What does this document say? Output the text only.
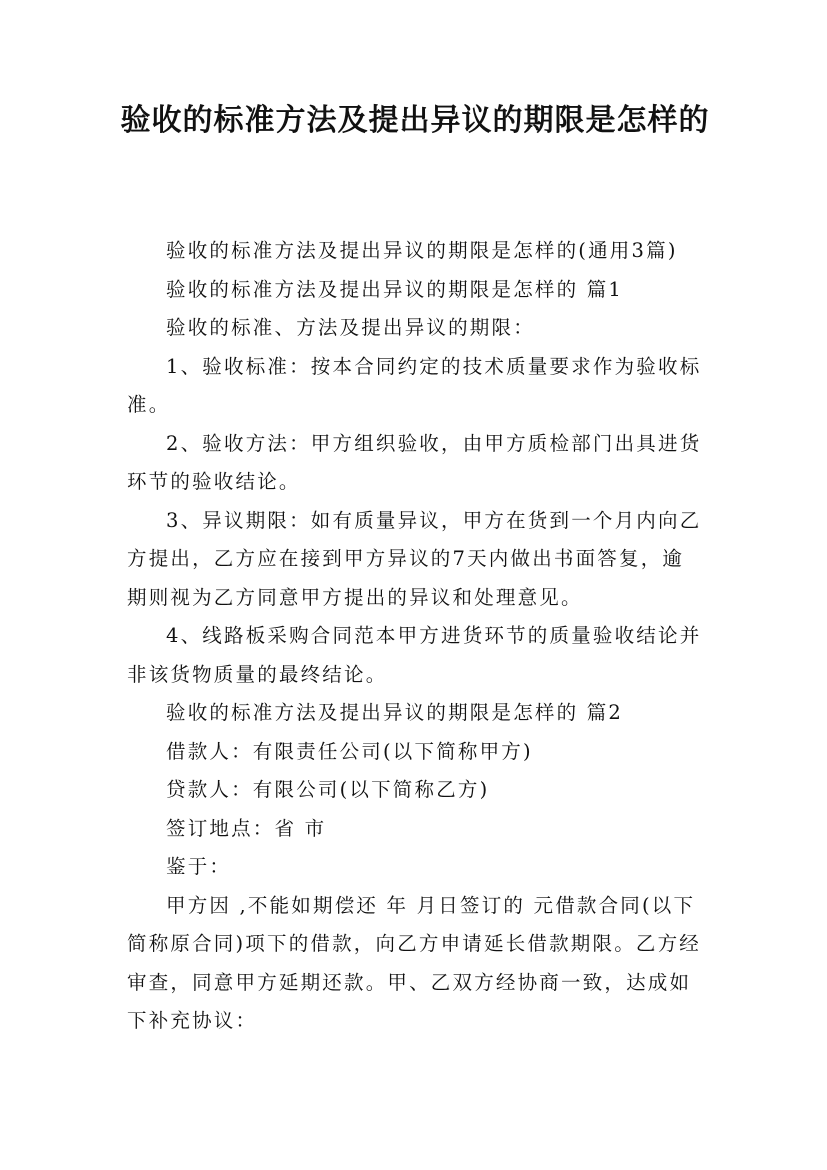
验收的标准方法及提出异议的期限是怎样的

验收的标准方法及提出异议的期限是怎样的(通用3篇)

验收的标准方法及提出异议的期限是怎样的 篇1

验收的标准、方法及提出异议的期限：

1、验收标准：按本合同约定的技术质量要求作为验收标准。

2、验收方法：甲方组织验收，由甲方质检部门出具进货环节的验收结论。

3、异议期限：如有质量异议，甲方在货到一个月内向乙方提出，乙方应在接到甲方异议的7天内做出书面答复，逾期则视为乙方同意甲方提出的异议和处理意见。

4、线路板采购合同范本甲方进货环节的质量验收结论并非该货物质量的最终结论。

验收的标准方法及提出异议的期限是怎样的 篇2

借款人：有限责任公司(以下简称甲方)

贷款人：有限公司(以下简称乙方)

签订地点：省 市

鉴于：

甲方因 ,不能如期偿还 年 月日签订的 元借款合同(以下简称原合同)项下的借款，向乙方申请延长借款期限。乙方经审查，同意甲方延期还款。甲、乙双方经协商一致，达成如下补充协议：
